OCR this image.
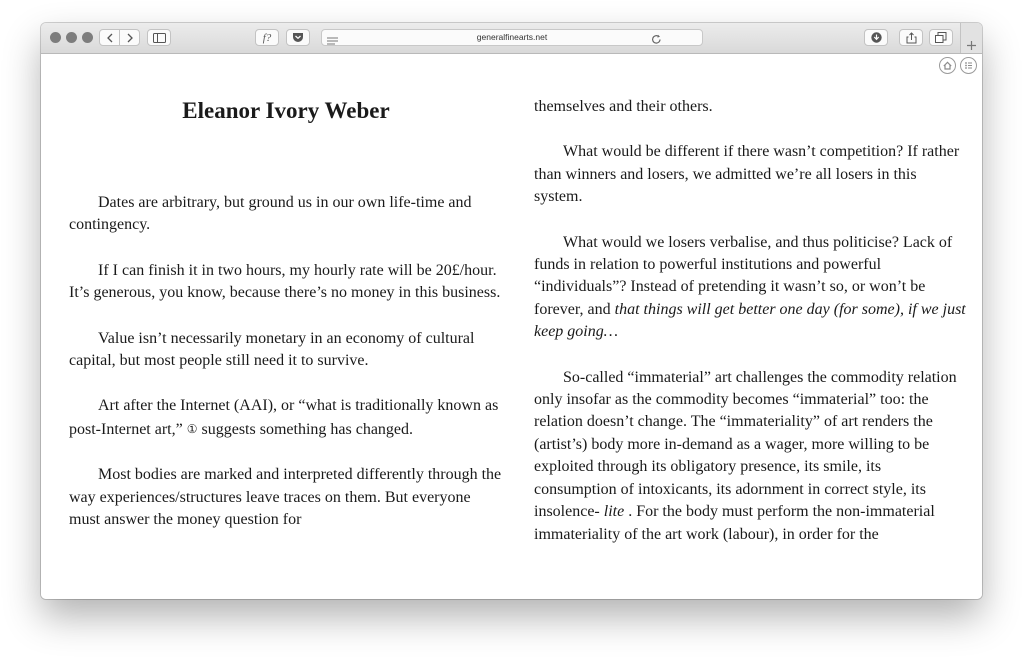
f?	generalfinearts.net
Eleanor Ivory Weber

Dates are arbitrary, but ground us in our own life-time and contingency.

If I can finish it in two hours, my hourly rate will be 20£/hour. It’s generous, you know, because there’s no money in this business.

Value isn’t necessarily monetary in an economy of cultural capital, but most people still need it to survive.

Art after the Internet (AAI), or “what is traditionally known as post-Internet art,” ① suggests something has changed.

Most bodies are marked and interpreted differently through the way experiences/structures leave traces on them. But everyone must answer the money question for

themselves and their others.

What would be different if there wasn’t competition? If rather than winners and losers, we admitted we’re all losers in this system.

What would we losers verbalise, and thus politicise? Lack of funds in relation to powerful institutions and powerful “individuals”? Instead of pretending it wasn’t so, or won’t be forever, and that things will get better one day (for some), if we just keep going…

So-called “immaterial” art challenges the commodity relation only insofar as the commodity becomes “immaterial” too: the relation doesn’t change. The “immateriality” of art renders the (artist’s) body more in-demand as a wager, more willing to be exploited through its obligatory presence, its smile, its consumption of intoxicants, its adornment in correct style, its insolence- lite . For the body must perform the non-immaterial immateriality of the art work (labour), in order for the
